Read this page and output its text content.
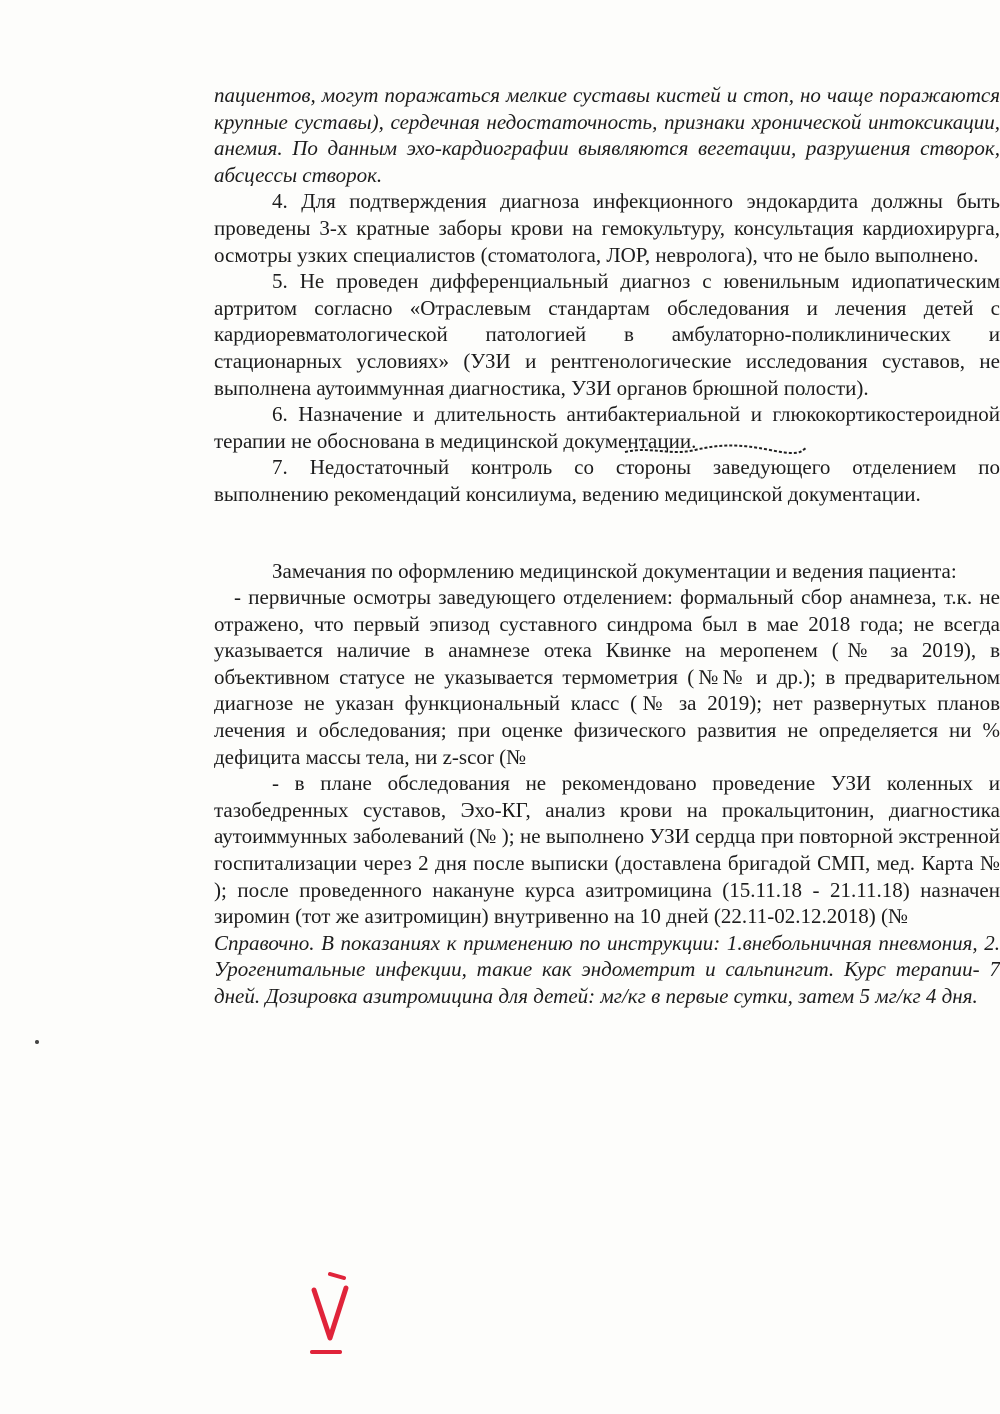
пациентов, могут поражаться мелкие суставы кистей и стоп, но чаще поражаются крупные суставы), сердечная недостаточность, признаки хронической интоксикации, анемия. По данным эхо-кардиографии выявляются вегетации, разрушения створок, абсцессы створок.

4. Для подтверждения диагноза инфекционного эндокардита должны быть проведены 3-х кратные заборы крови на гемокультуру, консультация кардиохирурга, осмотры узких специалистов (стоматолога, ЛОР, невролога), что не было выполнено.

5. Не проведен дифференциальный диагноз с ювенильным идиопатическим артритом согласно «Отраслевым стандартам обследования и лечения детей с кардиоревматологической патологией в амбулаторно-поликлинических и стационарных условиях» (УЗИ и рентгенологические исследования суставов, не выполнена аутоиммунная диагностика, УЗИ органов брюшной полости).

6. Назначение и длительность антибактериальной и глюкокортикостероидной терапии не обоснована в медицинской документации.

7. Недостаточный контроль со стороны заведующего отделением по выполнению рекомендаций консилиума, ведению медицинской документации.

Замечания по оформлению медицинской документации и ведения пациента:

- первичные осмотры заведующего отделением: формальный сбор анамнеза, т.к. не отражено, что первый эпизод суставного синдрома был в мае 2018 года; не всегда указывается наличие в анамнезе отека Квинке на меропенем (№ за 2019), в объективном статусе не указывается термометрия (№№ и др.); в предварительном диагнозе не указан функциональный класс (№ за 2019); нет развернутых планов лечения и обследования; при оценке физического развития не определяется ни % дефицита массы тела, ни z-scor (№

- в плане обследования не рекомендовано проведение УЗИ коленных и тазобедренных суставов, Эхо-КГ, анализ крови на прокальцитонин, диагностика аутоиммунных заболеваний (№ ); не выполнено УЗИ сердца при повторной экстренной госпитализации через 2 дня после выписки (доставлена бригадой СМП, мед. Карта № ); после проведенного накануне курса азитромицина (15.11.18 - 21.11.18) назначен зиромин (тот же азитромицин) внутривенно на 10 дней (22.11-02.12.2018) (№

Справочно. В показаниях к применению по инструкции: 1.внебольничная пневмония, 2. Урогенитальные инфекции, такие как эндометрит и сальпингит. Курс терапии- 7 дней. Дозировка азитромицина для детей: мг/кг в первые сутки, затем 5 мг/кг 4 дня.
